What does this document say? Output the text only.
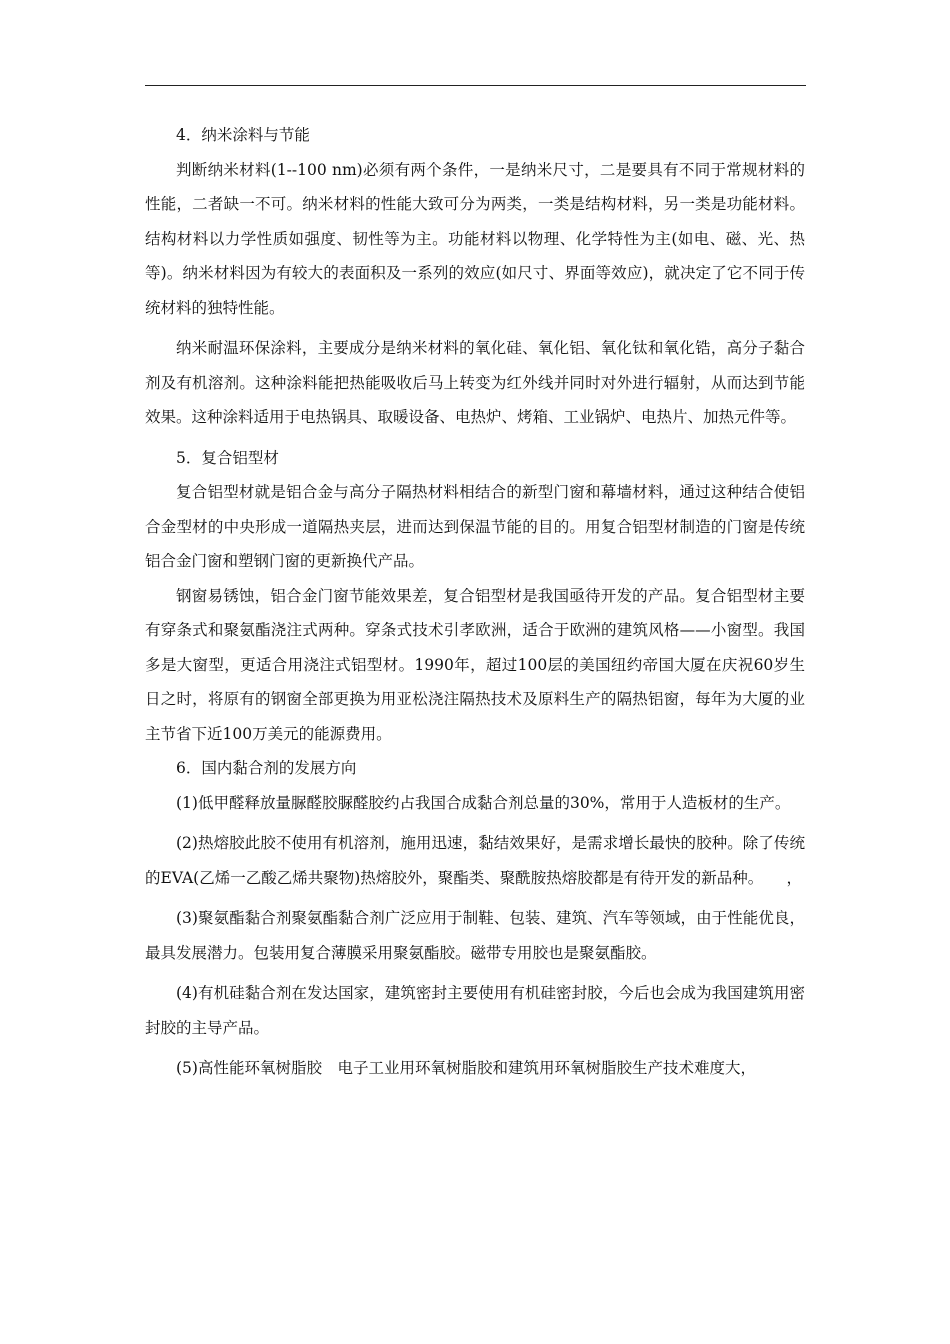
4．纳米涂料与节能

判断纳米材料(1--100 nm)必须有两个条件，一是纳米尺寸，二是要具有不同于常规材料的性能，二者缺一不可。纳米材料的性能大致可分为两类，一类是结构材料，另一类是功能材料。结构材料以力学性质如强度、韧性等为主。功能材料以物理、化学特性为主(如电、磁、光、热等)。纳米材料因为有较大的表面积及一系列的效应(如尺寸、界面等效应)，就决定了它不同于传统材料的独特性能。

纳米耐温环保涂料，主要成分是纳米材料的氧化硅、氧化铝、氧化钛和氧化锆，高分子黏合剂及有机溶剂。这种涂料能把热能吸收后马上转变为红外线并同时对外进行辐射，从而达到节能效果。这种涂料适用于电热锅具、取暖设备、电热炉、烤箱、工业锅炉、电热片、加热元件等。

5．复合铝型材

复合铝型材就是铝合金与高分子隔热材料相结合的新型门窗和幕墙材料，通过这种结合使铝合金型材的中央形成一道隔热夹层，进而达到保温节能的目的。用复合铝型材制造的门窗是传统铝合金门窗和塑钢门窗的更新换代产品。

钢窗易锈蚀，铝合金门窗节能效果差，复合铝型材是我国亟待开发的产品。复合铝型材主要有穿条式和聚氨酯浇注式两种。穿条式技术引孝欧洲，适合于欧洲的建筑风格——小窗型。我国多是大窗型，更适合用浇注式铝型材。1990年，超过100层的美国纽约帝国大厦在庆祝60岁生日之时，将原有的钢窗全部更换为用亚松浇注隔热技术及原料生产的隔热铝窗，每年为大厦的业主节省下近100万美元的能源费用。

6．国内黏合剂的发展方向

(1)低甲醛释放量脲醛胶脲醛胶约占我国合成黏合剂总量的30%，常用于人造板材的生产。

(2)热熔胶此胶不使用有机溶剂，施用迅速，黏结效果好，是需求增长最快的胶种。除了传统的EVA(乙烯一乙酸乙烯共聚物)热熔胶外，聚酯类、聚酰胺热熔胶都是有待开发的新品种。　　，

(3)聚氨酯黏合剂聚氨酯黏合剂广泛应用于制鞋、包装、建筑、汽车等领域，由于性能优良，最具发展潜力。包装用复合薄膜采用聚氨酯胶。磁带专用胶也是聚氨酯胶。

(4)有机硅黏合剂在发达国家，建筑密封主要使用有机硅密封胶，今后也会成为我国建筑用密封胶的主导产品。

(5)高性能环氧树脂胶　电子工业用环氧树脂胶和建筑用环氧树脂胶生产技术难度大，
